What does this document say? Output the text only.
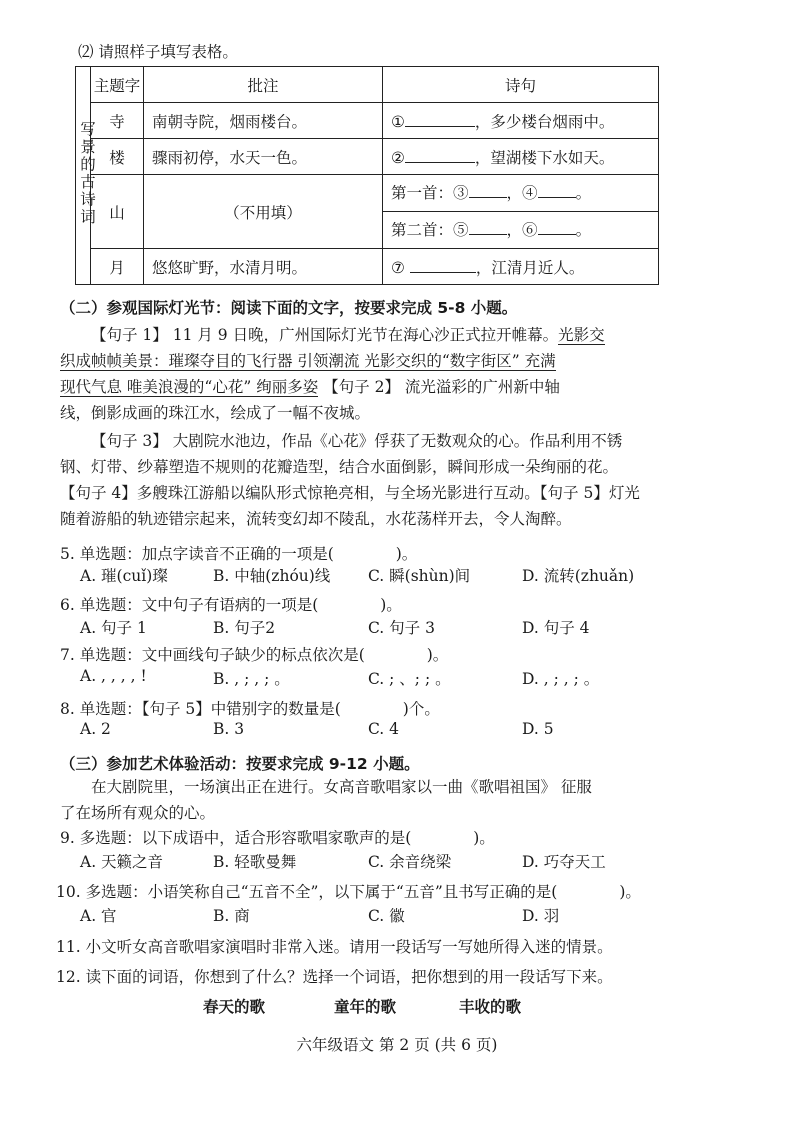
⑵ 请照样子填写表格。
写景的古诗词	主题字	批注	诗句
	寺	南朝寺院，烟雨楼台。	① ，多少楼台烟雨中。
	楼	骤雨初停，水天一色。	② ，望湖楼下水如天。
	山	（不用填）	第一首：③ ，④ 。
第二首：⑤ ，⑥ 。

	月	悠悠旷野，水清月明。	⑦ ，江清月近人。
（二）参观国际灯光节：阅读下面的文字，按要求完成 5-8 小题。
【句子 1】 11 月 9 日晚，广州国际灯光节在海心沙正式拉开帷幕。光影交
织成帧帧美景：璀璨夺目的飞行器 引领潮流 光影交织的“数字街区” 充满
现代气息 唯美浪漫的“心花” 绚丽多姿 【句子 2】 流光溢彩的广州新中轴
线，倒影成画的珠江水，绘成了一幅不夜城。
【句子 3】 大剧院水池边，作品《心花》俘获了无数观众的心。作品利用不锈
钢、灯带、纱幕塑造不规则的花瓣造型，结合水面倒影，瞬间形成一朵绚丽的花。
【句子 4】多艘珠江游船以编队形式惊艳亮相，与全场光影进行互动。【句子 5】灯光
随着游船的轨迹错宗起来，流转变幻却不陵乱，水花荡样开去，令人淘醉。
5. 单选题：加点字读音不正确的一项是(　　　　)。
A. 璀(cuǐ)璨	B. 中轴(zhóu)线 C. 瞬(shùn)间	D. 流转(zhuǎn)
6. 单选题：文中句子有语病的一项是(　　　　)。
A. 句子 1	B. 句子2	C. 句子 3	D. 句子 4
7. 单选题：文中画线句子缺少的标点依次是(　　　　)。
A. , , , , !	B. , ; , ; 。	C. ; 、; ; 。	D. , ; , ; 。
8. 单选题：【句子 5】中错别字的数量是(　　　　)个。
A. 2	B. 3	C. 4	D. 5
（三）参加艺术体验活动：按要求完成 9-12 小题。
在大剧院里，一场演出正在进行。女高音歌唱家以一曲《歌唱祖国》 征服
了在场所有观众的心。
9. 多选题：以下成语中，适合形容歌唱家歌声的是(　　　　)。
A. 天籁之音	B. 轻歌曼舞	C. 余音绕梁	D. 巧夺天工
10. 多选题：小语笑称自己“五音不全”，以下属于“五音”且书写正确的是(　　　　)。
A. 官	B. 商	C. 徽	D. 羽
11. 小文听女高音歌唱家演唱时非常入迷。请用一段话写一写她所得入迷的情景。
12. 读下面的词语，你想到了什么？选择一个词语，把你想到的用一段话写下来。
春天的歌	童年的歌	丰收的歌
六年级语文 第 2 页 (共 6 页)
